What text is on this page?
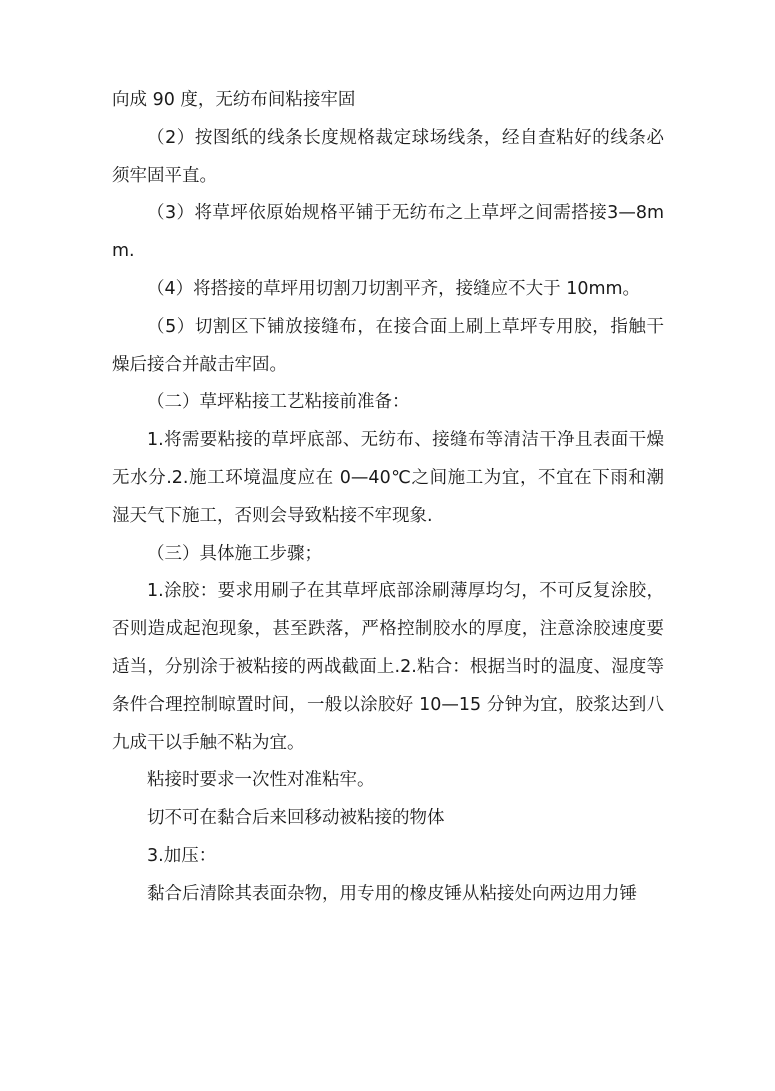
向成 90 度，无纺布间粘接牢固

（2）按图纸的线条长度规格裁定球场线条，经自查粘好的线条必须牢固平直。

（3）将草坪依原始规格平铺于无纺布之上草坪之间需搭接3—8mm.

（4）将搭接的草坪用切割刀切割平齐，接缝应不大于 10mm。

（5）切割区下铺放接缝布，在接合面上刷上草坪专用胶，指触干燥后接合并敲击牢固。

（二）草坪粘接工艺粘接前准备：

1.将需要粘接的草坪底部、无纺布、接缝布等清洁干净且表面干燥无水分.2.施工环境温度应在 0—40℃之间施工为宜，不宜在下雨和潮湿天气下施工，否则会导致粘接不牢现象.

（三）具体施工步骤；

1.涂胶：要求用刷子在其草坪底部涂刷薄厚均匀，不可反复涂胶，否则造成起泡现象，甚至跌落，严格控制胶水的厚度，注意涂胶速度要适当，分别涂于被粘接的两战截面上.2.粘合：根据当时的温度、湿度等条件合理控制晾置时间，一般以涂胶好 10—15 分钟为宜，胶浆达到八九成干以手触不粘为宜。

粘接时要求一次性对准粘牢。

切不可在黏合后来回移动被粘接的物体

3.加压：

黏合后清除其表面杂物，用专用的橡皮锤从粘接处向两边用力锤
